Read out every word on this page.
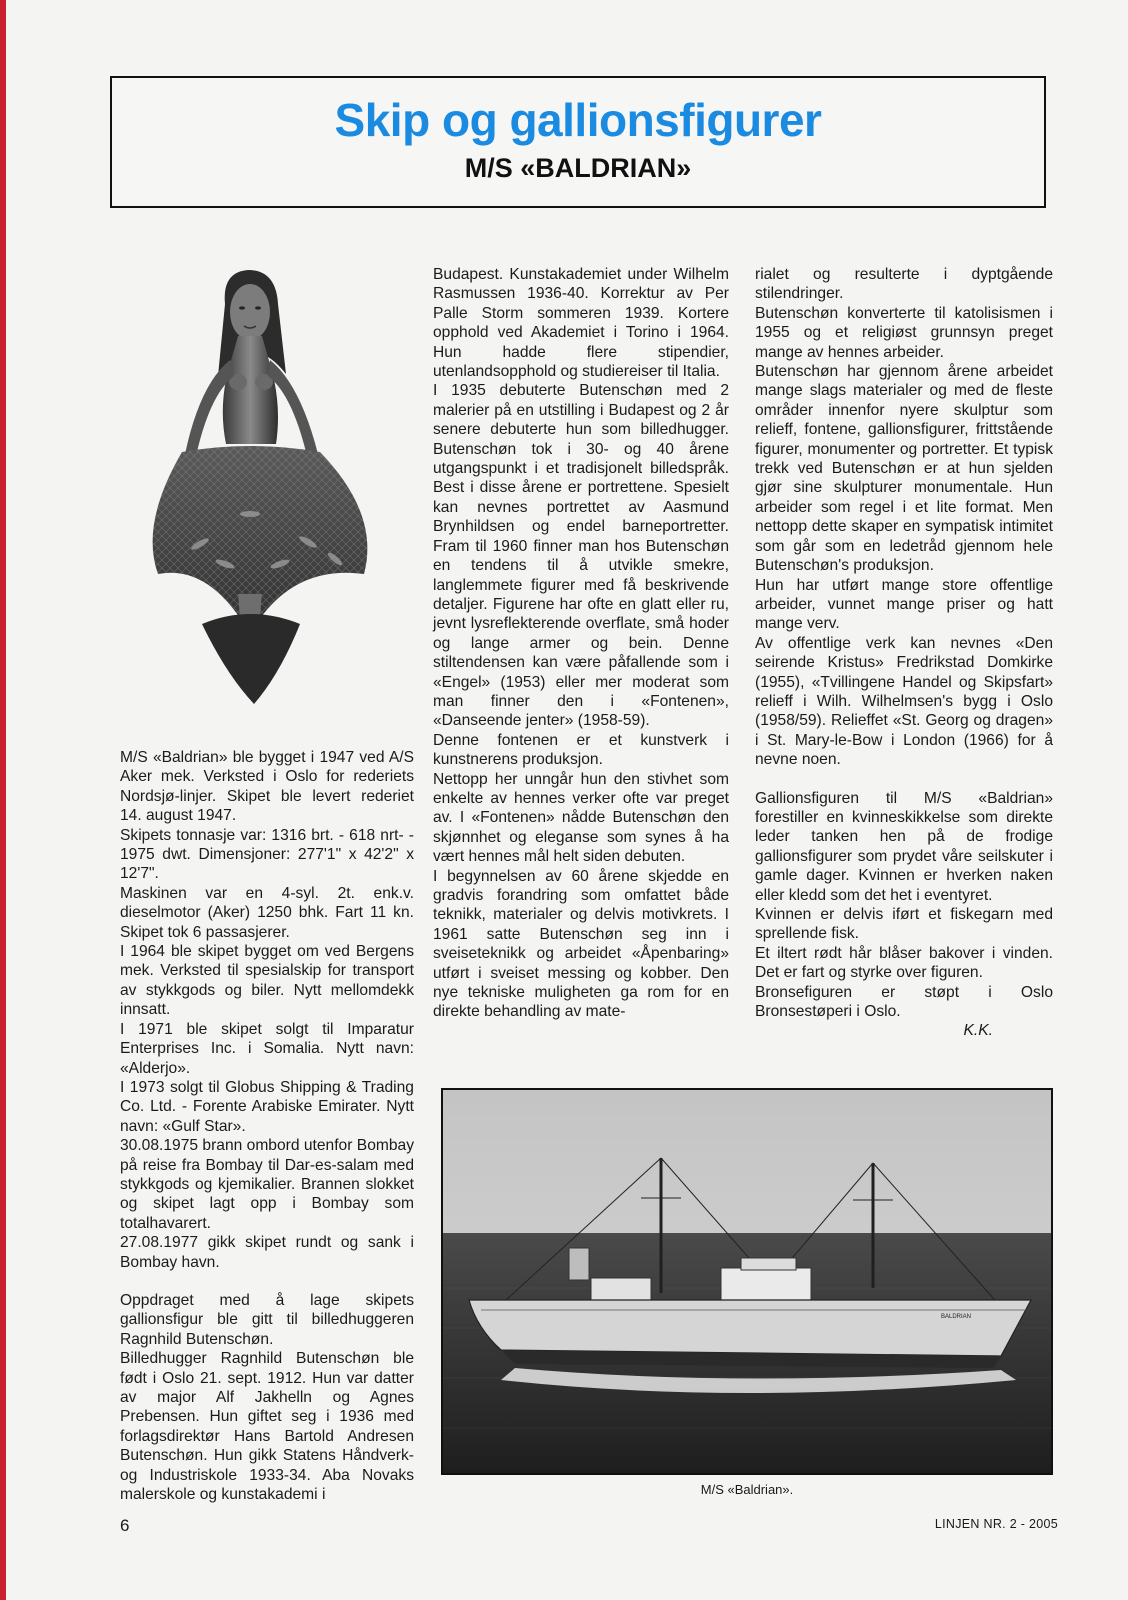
Skip og gallionsfigurer
M/S «BALDRIAN»

M/S «Baldrian» ble bygget i 1947 ved A/S Aker mek. Verksted i Oslo for rederiets Nordsjø-linjer. Skipet ble levert rederiet 14. august 1947.

Skipets tonnasje var: 1316 brt. - 618 nrt- - 1975 dwt. Dimensjoner: 277'1" x 42'2" x 12'7".

Maskinen var en 4-syl. 2t. enk.v. dieselmotor (Aker) 1250 bhk. Fart 11 kn. Skipet tok 6 passasjerer.

I 1964 ble skipet bygget om ved Bergens mek. Verksted til spesialskip for transport av stykkgods og biler. Nytt mellomdekk innsatt.

I 1971 ble skipet solgt til Imparatur Enterprises Inc. i Somalia. Nytt navn: «Alderjo».

I 1973 solgt til Globus Shipping & Trading Co. Ltd. - Forente Arabiske Emirater. Nytt navn: «Gulf Star».

30.08.1975 brann ombord utenfor Bombay på reise fra Bombay til Dar-es-salam med stykkgods og kjemikalier. Brannen slokket og skipet lagt opp i Bombay som totalhavarert.

27.08.1977 gikk skipet rundt og sank i Bombay havn.

Oppdraget med å lage skipets gallionsfigur ble gitt til billedhuggeren Ragnhild Butenschøn.

Billedhugger Ragnhild Butenschøn ble født i Oslo 21. sept. 1912. Hun var datter av major Alf Jakhelln og Agnes Prebensen. Hun giftet seg i 1936 med forlagsdirektør Hans Bartold Andresen Butenschøn. Hun gikk Statens Håndverk- og Industriskole 1933-34. Aba Novaks malerskole og kunstakademi i

Budapest. Kunstakademiet under Wilhelm Rasmussen 1936-40. Korrektur av Per Palle Storm sommeren 1939. Kortere opphold ved Akademiet i Torino i 1964. Hun hadde flere stipendier, utenlandsopphold og studiereiser til Italia.

I 1935 debuterte Butenschøn med 2 malerier på en utstilling i Budapest og 2 år senere debuterte hun som billedhugger. Butenschøn tok i 30- og 40 årene utgangspunkt i et tradisjonelt billedspråk. Best i disse årene er portrettene. Spesielt kan nevnes portrettet av Aasmund Brynhildsen og endel barneportretter. Fram til 1960 finner man hos Butenschøn en tendens til å utvikle smekre, langlemmete figurer med få beskrivende detaljer. Figurene har ofte en glatt eller ru, jevnt lysreflekterende overflate, små hoder og lange armer og bein. Denne stiltendensen kan være påfallende som i «Engel» (1953) eller mer moderat som man finner den i «Fontenen», «Danseende jenter» (1958-59).

Denne fontenen er et kunstverk i kunstnerens produksjon.

Nettopp her unngår hun den stivhet som enkelte av hennes verker ofte var preget av. I «Fontenen» nådde Butenschøn den skjønnhet og eleganse som synes å ha vært hennes mål helt siden debuten.

I begynnelsen av 60 årene skjedde en gradvis forandring som omfattet både teknikk, materialer og delvis motivkrets. I 1961 satte Butenschøn seg inn i sveiseteknikk og arbeidet «Åpenbaring» utført i sveiset messing og kobber. Den nye tekniske muligheten ga rom for en direkte behandling av mate-

rialet og resulterte i dyptgående stilendringer.

Butenschøn konverterte til katolisismen i 1955 og et religiøst grunnsyn preget mange av hennes arbeider.

Butenschøn har gjennom årene arbeidet mange slags materialer og med de fleste områder innenfor nyere skulptur som relieff, fontene, gallionsfigurer, frittstående figurer, monumenter og portretter. Et typisk trekk ved Butenschøn er at hun sjelden gjør sine skulpturer monumentale. Hun arbeider som regel i et lite format. Men nettopp dette skaper en sympatisk intimitet som går som en ledetråd gjennom hele Butenschøn's produksjon.

Hun har utført mange store offentlige arbeider, vunnet mange priser og hatt mange verv.

Av offentlige verk kan nevnes «Den seirende Kristus» Fredrikstad Domkirke (1955), «Tvillingene Handel og Skipsfart» relieff i Wilh. Wilhelmsen's bygg i Oslo (1958/59). Relieffet «St. Georg og dragen» i St. Mary-le-Bow i London (1966) for å nevne noen.

Gallionsfiguren til M/S «Baldrian» forestiller en kvinneskikkelse som direkte leder tanken hen på de frodige gallionsfigurer som prydet våre seilskuter i gamle dager. Kvinnen er hverken naken eller kledd som det het i eventyret.

Kvinnen er delvis iført et fiskegarn med sprellende fisk.

Et iltert rødt hår blåser bakover i vinden. Det er fart og styrke over figuren.

Bronsefiguren er støpt i Oslo Bronsestøperi i Oslo.

K.K.

BALDRIAN
M/S «Baldrian».
6	LINJEN NR. 2 - 2005
